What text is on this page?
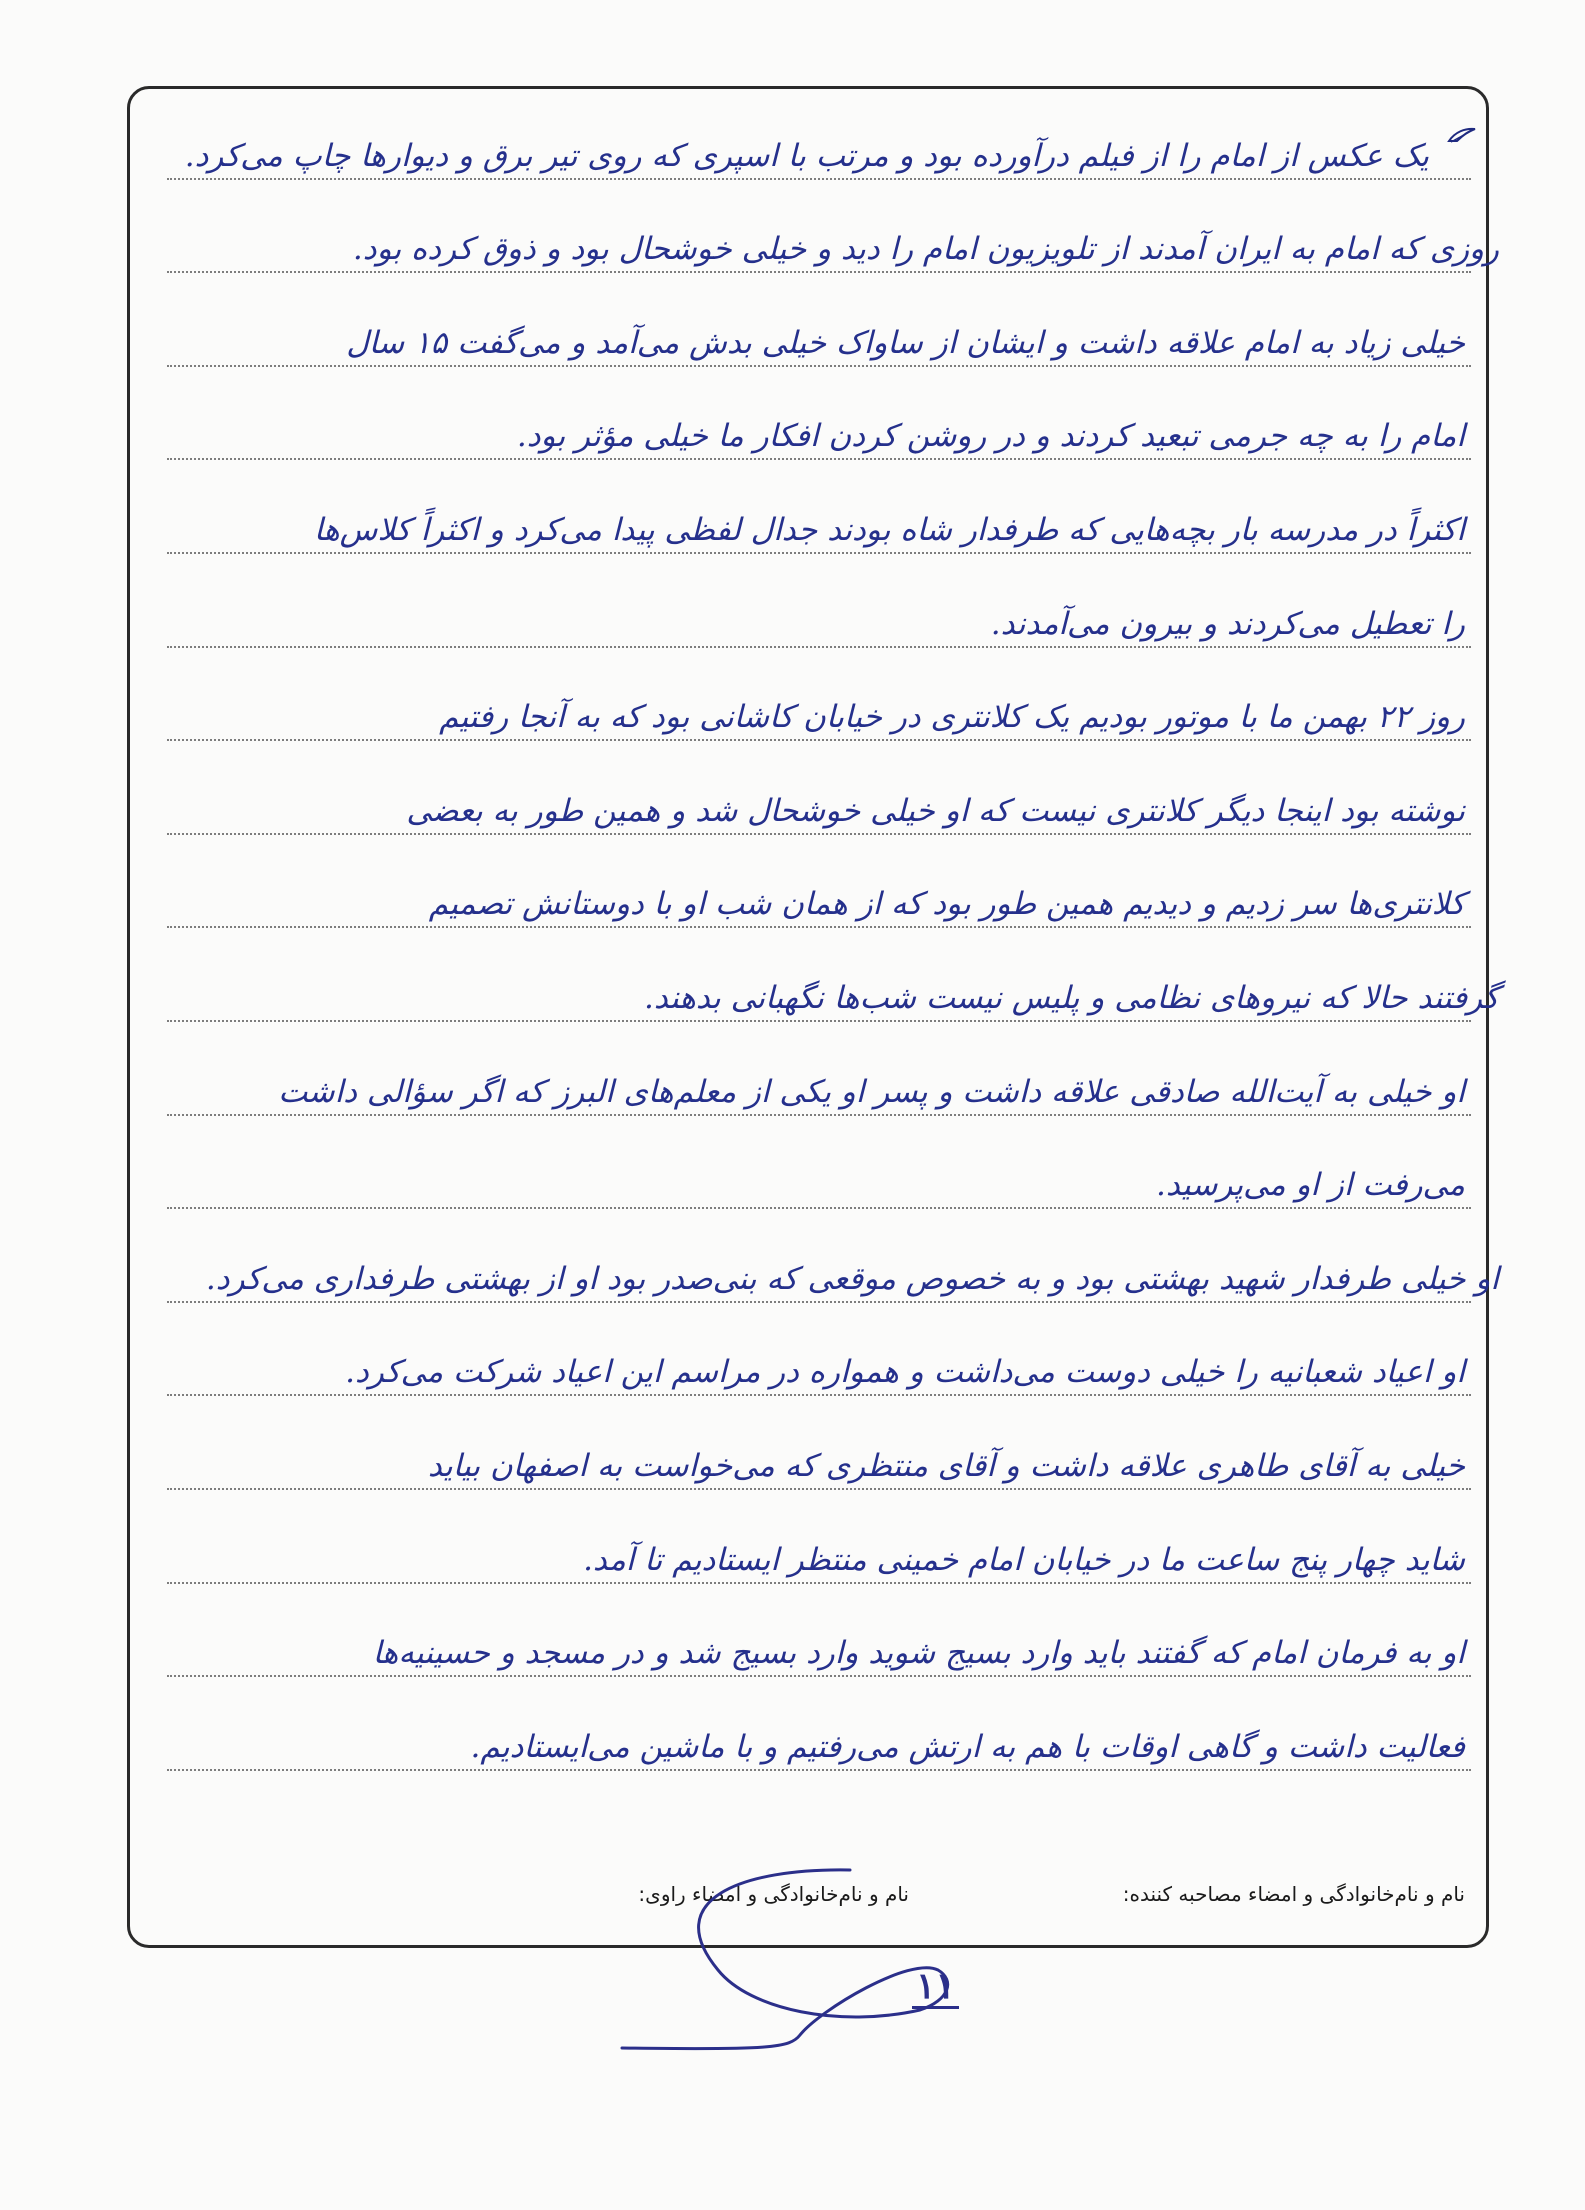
یک عکس از امام را از فیلم درآورده بود و مرتب با اسپری که روی تیر برق و دیوارها چاپ می‌کرد.
روزی که امام به ایران آمدند از تلویزیون امام را دید و خیلی خوشحال بود و ذوق کرده بود.
خیلی زیاد به امام علاقه داشت و ایشان از ساواک خیلی بدش می‌آمد و می‌گفت ۱۵ سال
امام را به چه جرمی تبعید کردند و در روشن کردن افکار ما خیلی مؤثر بود.
اکثراً در مدرسه بار بچه‌هایی که طرفدار شاه بودند جدال لفظی پیدا می‌کرد و اکثراً کلاس‌ها
را تعطیل می‌کردند و بیرون می‌آمدند.
روز ۲۲ بهمن ما با موتور بودیم یک کلانتری در خیابان کاشانی بود که به آنجا رفتیم
نوشته بود اینجا دیگر کلانتری نیست که او خیلی خوشحال شد و همین طور به بعضی
کلانتری‌ها سر زدیم و دیدیم همین طور بود که از همان شب او با دوستانش تصمیم
گرفتند حالا که نیروهای نظامی و پلیس نیست شب‌ها نگهبانی بدهند.
او خیلی به آیت‌الله صادقی علاقه داشت و پسر او یکی از معلم‌های البرز که اگر سؤالی داشت
می‌رفت از او می‌پرسید.
او خیلی طرفدار شهید بهشتی بود و به خصوص موقعی که بنی‌صدر بود او از بهشتی طرفداری می‌کرد.
او اعیاد شعبانیه را خیلی دوست می‌داشت و همواره در مراسم این اعیاد شرکت می‌کرد.
خیلی به آقای طاهری علاقه داشت و آقای منتظری که می‌خواست به اصفهان بیاید
شاید چهار پنج ساعت ما در خیابان امام خمینی منتظر ایستادیم تا آمد.
او به فرمان امام که گفتند باید وارد بسیج شوید وارد بسیج شد و در مسجد و حسینیه‌ها
فعالیت داشت و گاهی اوقات با هم به ارتش می‌رفتیم و با ماشین می‌ایستادیم.
نام و نام‌خانوادگی و امضاء مصاحبه کننده:
نام و نام‌خانوادگی و امضاء راوی:
۱۱
